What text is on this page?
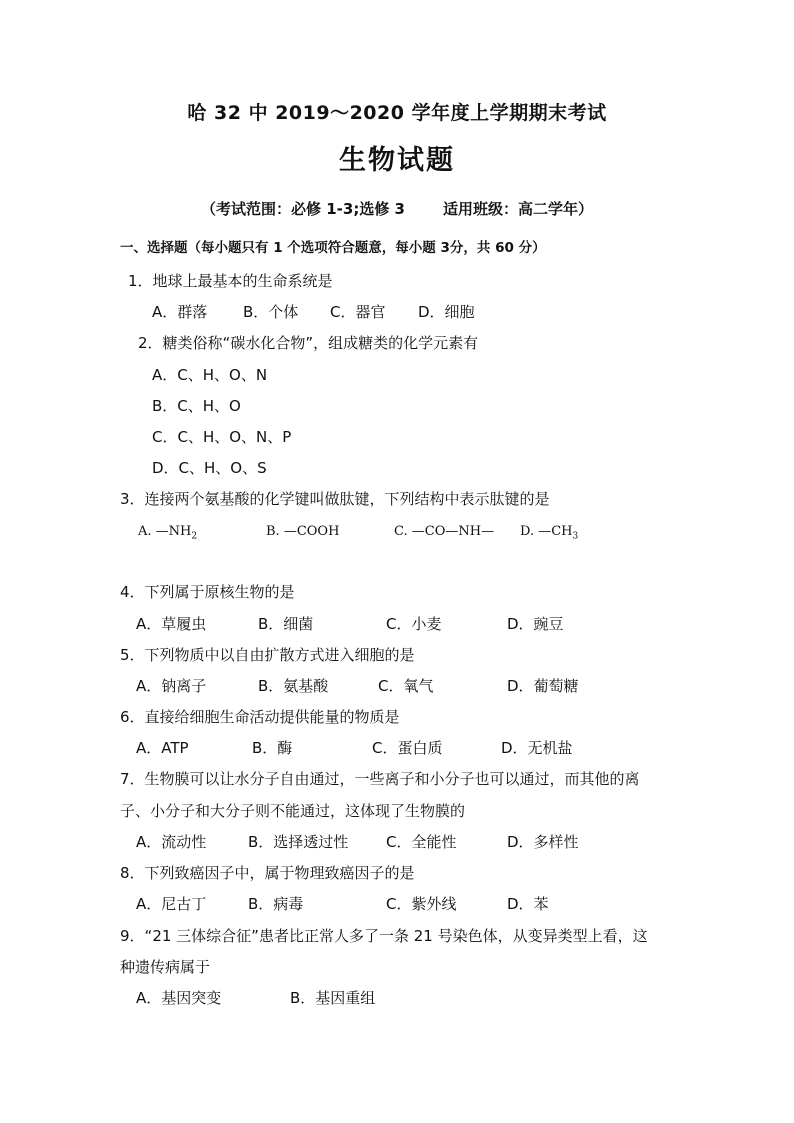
哈 32 中 2019～2020 学年度上学期期末考试
生物试题
（考试范围：必修 1-3;选修 3	适用班级：高二学年）
一、选择题（每小题只有 1 个选项符合题意，每小题 3分，共 60 分）
1．地球上最基本的生命系统是
A．群落 B．个体 C．器官 D．细胞
2．糖类俗称“碳水化合物”，组成糖类的化学元素有
A．C、H、O、N
B．C、H、O
C．C、H、O、N、P
D．C、H、O、S
3．连接两个氨基酸的化学键叫做肽键，下列结构中表示肽键的是
A. $—NH_2$	B. —COOH	C. —CO—NH— D. $—CH_3$
4．下列属于原核生物的是
A．草履虫	B．细菌	C．小麦	D．豌豆
5．下列物质中以自由扩散方式进入细胞的是
A．钠离子	B．氨基酸	C．氧气	D．葡萄糖
6．直接给细胞生命活动提供能量的物质是
A．ATP	B．酶	C．蛋白质	D．无机盐
7．生物膜可以让水分子自由通过，一些离子和小分子也可以通过，而其他的离
子、小分子和大分子则不能通过，这体现了生物膜的
A．流动性	B．选择透过性	C．全能性	D．多样性
8．下列致癌因子中，属于物理致癌因子的是
A．尼古丁	B．病毒	C．紫外线	D．苯
9．“21 三体综合征”患者比正常人多了一条 21 号染色体，从变异类型上看，这
种遗传病属于
A．基因突变	B．基因重组
